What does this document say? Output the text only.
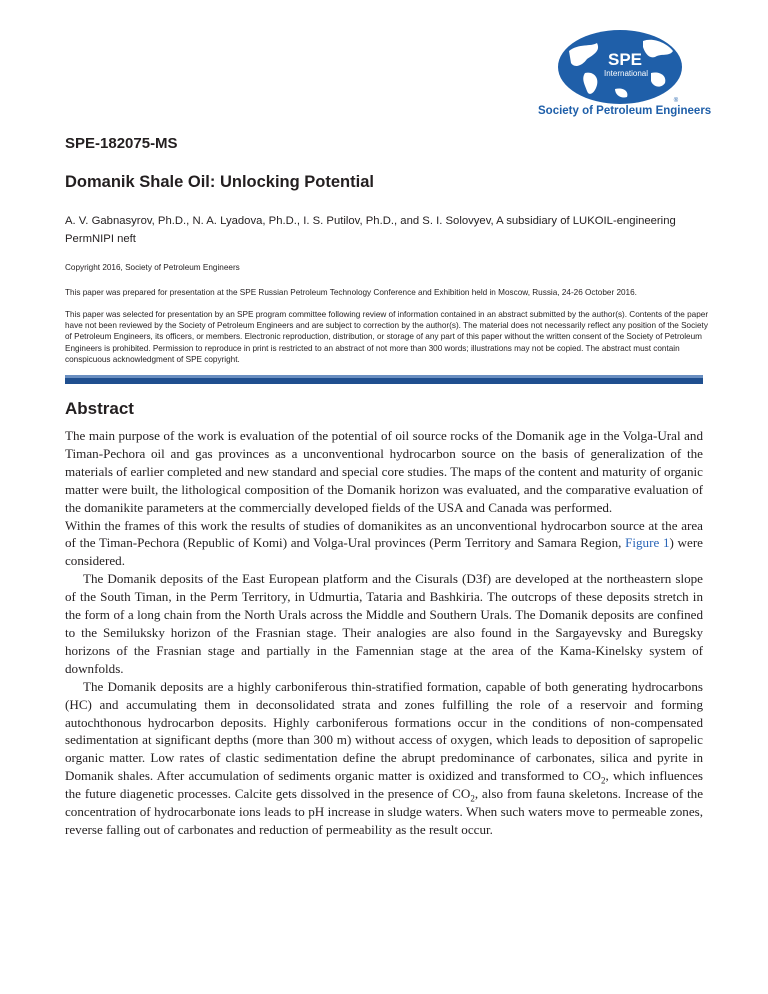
SPE
International
®
Society of Petroleum Engineers
SPE-182075-MS
Domanik Shale Oil: Unlocking Potential
A. V. Gabnasyrov, Ph.D., N. A. Lyadova, Ph.D., I. S. Putilov, Ph.D., and S. I. Solovyev, A subsidiary of LUKOIL-engineering PermNIPI neft
Copyright 2016, Society of Petroleum Engineers
This paper was prepared for presentation at the SPE Russian Petroleum Technology Conference and Exhibition held in Moscow, Russia, 24-26 October 2016.
This paper was selected for presentation by an SPE program committee following review of information contained in an abstract submitted by the author(s). Contents of the paper have not been reviewed by the Society of Petroleum Engineers and are subject to correction by the author(s). The material does not necessarily reflect any position of the Society of Petroleum Engineers, its officers, or members. Electronic reproduction, distribution, or storage of any part of this paper without the written consent of the Society of Petroleum Engineers is prohibited. Permission to reproduce in print is restricted to an abstract of not more than 300 words; illustrations may not be copied. The abstract must contain conspicuous acknowledgment of SPE copyright.
Abstract

The main purpose of the work is evaluation of the potential of oil source rocks of the Domanik age in the Volga-Ural and Timan-Pechora oil and gas provinces as a unconventional hydrocarbon source on the basis of generalization of the materials of earlier completed and new standard and special core studies. The maps of the content and maturity of organic matter were built, the lithological composition of the Domanik horizon was evaluated, and the comparative evaluation of the domanikite parameters at the commercially developed fields of the USA and Canada was performed.

Within the frames of this work the results of studies of domanikites as an unconventional hydrocarbon source at the area of the Timan-Pechora (Republic of Komi) and Volga-Ural provinces (Perm Territory and Samara Region, Figure 1) were considered.

The Domanik deposits of the East European platform and the Cisurals (D3f) are developed at the northeastern slope of the South Timan, in the Perm Territory, in Udmurtia, Tataria and Bashkiria. The outcrops of these deposits stretch in the form of a long chain from the North Urals across the Middle and Southern Urals. The Domanik deposits are confined to the Semiluksky horizon of the Frasnian stage. Their analogies are also found in the Sargayevsky and Buregsky horizons of the Frasnian stage and partially in the Famennian stage at the area of the Kama-Kinelsky system of downfolds.

The Domanik deposits are a highly carboniferous thin-stratified formation, capable of both generating hydrocarbons (HC) and accumulating them in deconsolidated strata and zones fulfilling the role of a reservoir and forming autochthonous hydrocarbon deposits. Highly carboniferous formations occur in the conditions of non-compensated sedimentation at significant depths (more than 300 m) without access of oxygen, which leads to deposition of sapropelic organic matter. Low rates of clastic sedimentation define the abrupt predominance of carbonates, silica and pyrite in Domanik shales. After accumulation of sediments organic matter is oxidized and transformed to $CO_2$, which influences the future diagenetic processes. Calcite gets dissolved in the presence of $CO_2$, also from fauna skeletons. Increase of the concentration of hydrocarbonate ions leads to pH increase in sludge waters. When such waters move to permeable zones, reverse falling out of carbonates and reduction of permeability as the result occur.
